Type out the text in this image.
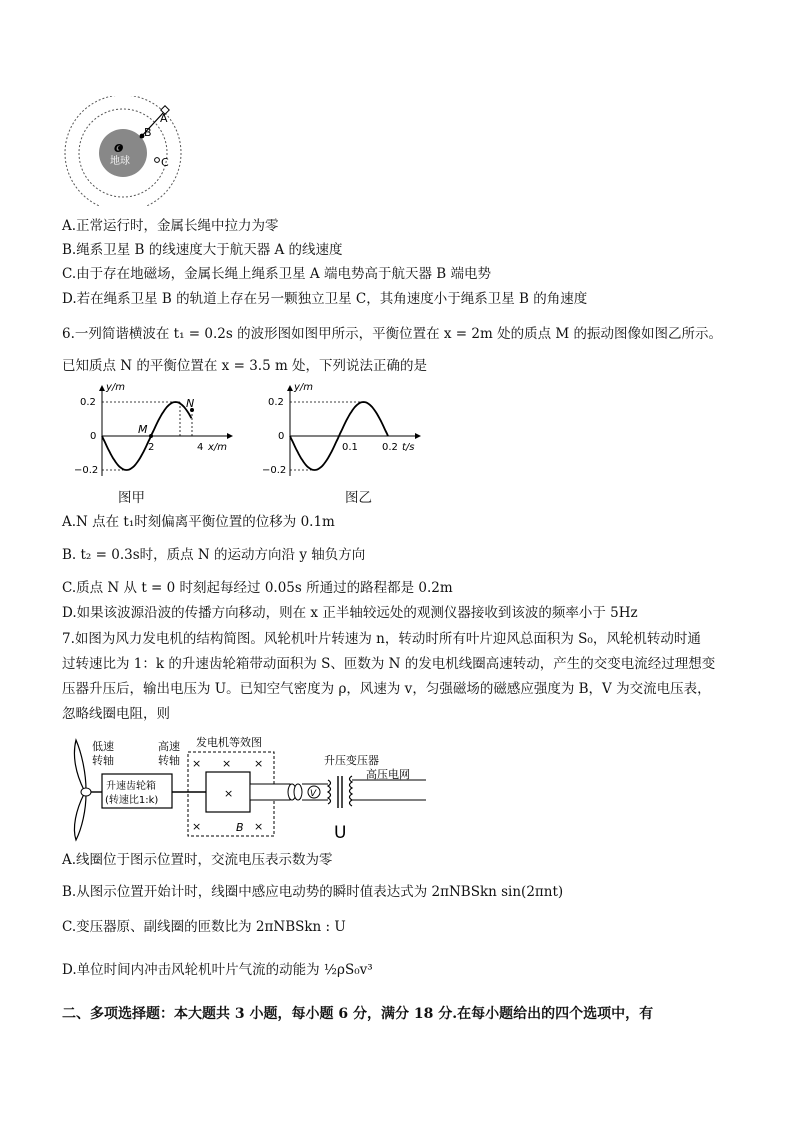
O
地球
A
B
C
A.正常运行时，金属长绳中拉力为零
B.绳系卫星 B 的线速度大于航天器 A 的线速度
C.由于存在地磁场，金属长绳上绳系卫星 A 端电势高于航天器 B 端电势
D.若在绳系卫星 B 的轨道上存在另一颗独立卫星 C，其角速度小于绳系卫星 B 的角速度
6.一列简谐横波在 t₁ = 0.2s 的波形图如图甲所示，平衡位置在 x = 2m 处的质点 M 的振动图像如图乙所示。
已知质点 N 的平衡位置在 x = 3.5 m 处，下列说法正确的是
y/m
0.2
−0.2
0
2	4 x/m
M
N
图甲
y/m
0.2
−0.2
0
0.1 0.2 t/s
图乙
A.N 点在 t₁时刻偏离平衡位置的位移为 0.1m
B. t₂ = 0.3s时，质点 N 的运动方向沿 y 轴负方向
C.质点 N 从 t = 0 时刻起每经过 0.05s 所通过的路程都是 0.2m
D.如果该波源沿波的传播方向移动，则在 x 正半轴较远处的观测仪器接收到该波的频率小于 5Hz
7.如图为风力发电机的结构简图。风轮机叶片转速为 n，转动时所有叶片迎风总面积为 S₀，风轮机转动时通
过转速比为 1：k 的升速齿轮箱带动面积为 S、匝数为 N 的发电机线圈高速转动，产生的交变电流经过理想变
压器升压后，输出电压为 U。已知空气密度为 ρ，风速为 v，匀强磁场的磁感应强度为 B，V 为交流电压表，
忽略线圈电阻，则
低速
转轴
升速齿轮箱
(转速比1:k)
高速
转轴
发电机等效图
× × ×
×
×	×
B
V
升压变压器
高压电网
U
A.线圈位于图示位置时，交流电压表示数为零
B.从图示位置开始计时，线圈中感应电动势的瞬时值表达式为 2πNBSkn sin(2πnt)
C.变压器原、副线圈的匝数比为 2πNBSkn : U
D.单位时间内冲击风轮机叶片气流的动能为 ½ρS₀v³
二、多项选择题：本大题共 3 小题，每小题 6 分，满分 18 分.在每小题给出的四个选项中，有
